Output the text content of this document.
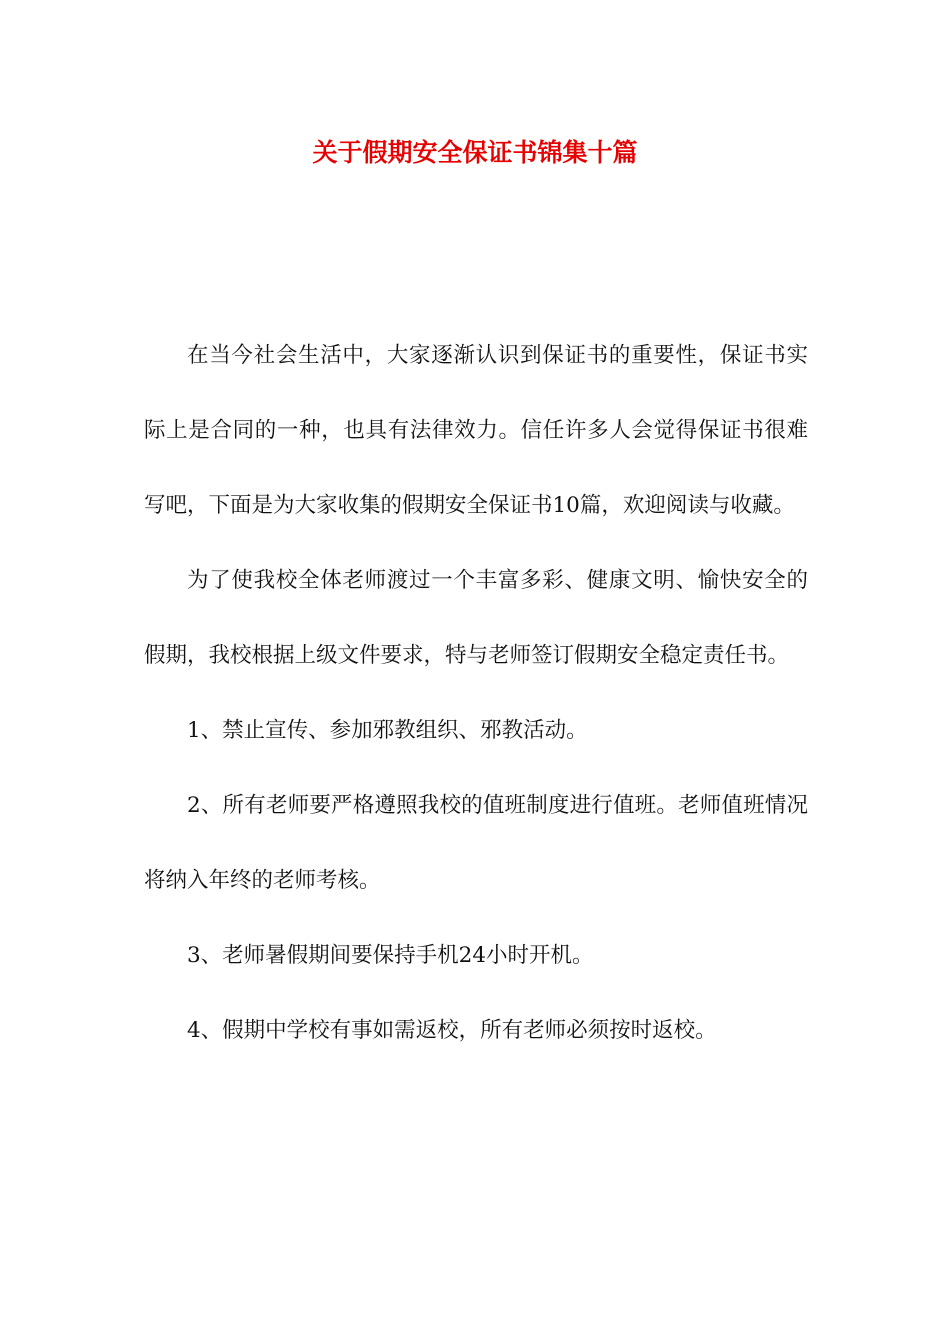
关于假期安全保证书锦集十篇

在当今社会生活中，大家逐渐认识到保证书的重要性，保证书实际上是合同的一种，也具有法律效力。信任许多人会觉得保证书很难写吧，下面是为大家收集的假期安全保证书10篇，欢迎阅读与收藏。

为了使我校全体老师渡过一个丰富多彩、健康文明、愉快安全的假期，我校根据上级文件要求，特与老师签订假期安全稳定责任书。

1、禁止宣传、参加邪教组织、邪教活动。

2、所有老师要严格遵照我校的值班制度进行值班。老师值班情况将纳入年终的老师考核。

3、老师暑假期间要保持手机24小时开机。

4、假期中学校有事如需返校，所有老师必须按时返校。
